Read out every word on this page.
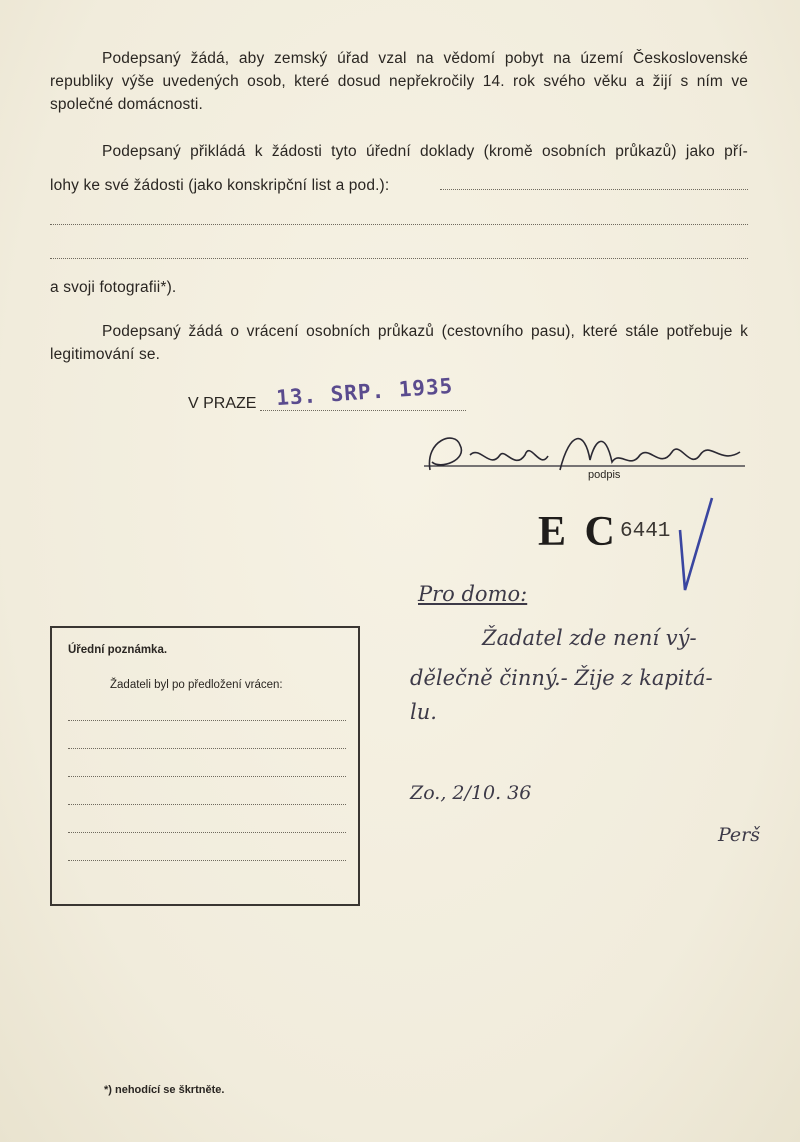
Podepsaný žádá, aby zemský úřad vzal na vědomí pobyt na území Československé republiky výše uvedených osob, které dosud nepřekročily 14. rok svého věku a žijí s ním ve společné domácnosti.
Podepsaný přikládá k žádosti tyto úřední doklady (kromě osobních průkazů) jako pří-
lohy ke své žádosti (jako konskripční list a pod.):
a svoji fotografii*).
Podepsaný žádá o vrácení osobních průkazů (cestovního pasu), které stále potřebuje k legitimování se.
V PRAZE 13. SRP. 1935
podpis
E C 6441
Úřední poznámka.
Žadateli byl po předložení vrácen:
Pro domo:
Žadatel zde není vý-
dělečně činný.- Žije z kapitá-
lu.
Zo., 2/10. 36
Perš
*) nehodící se škrtněte.
